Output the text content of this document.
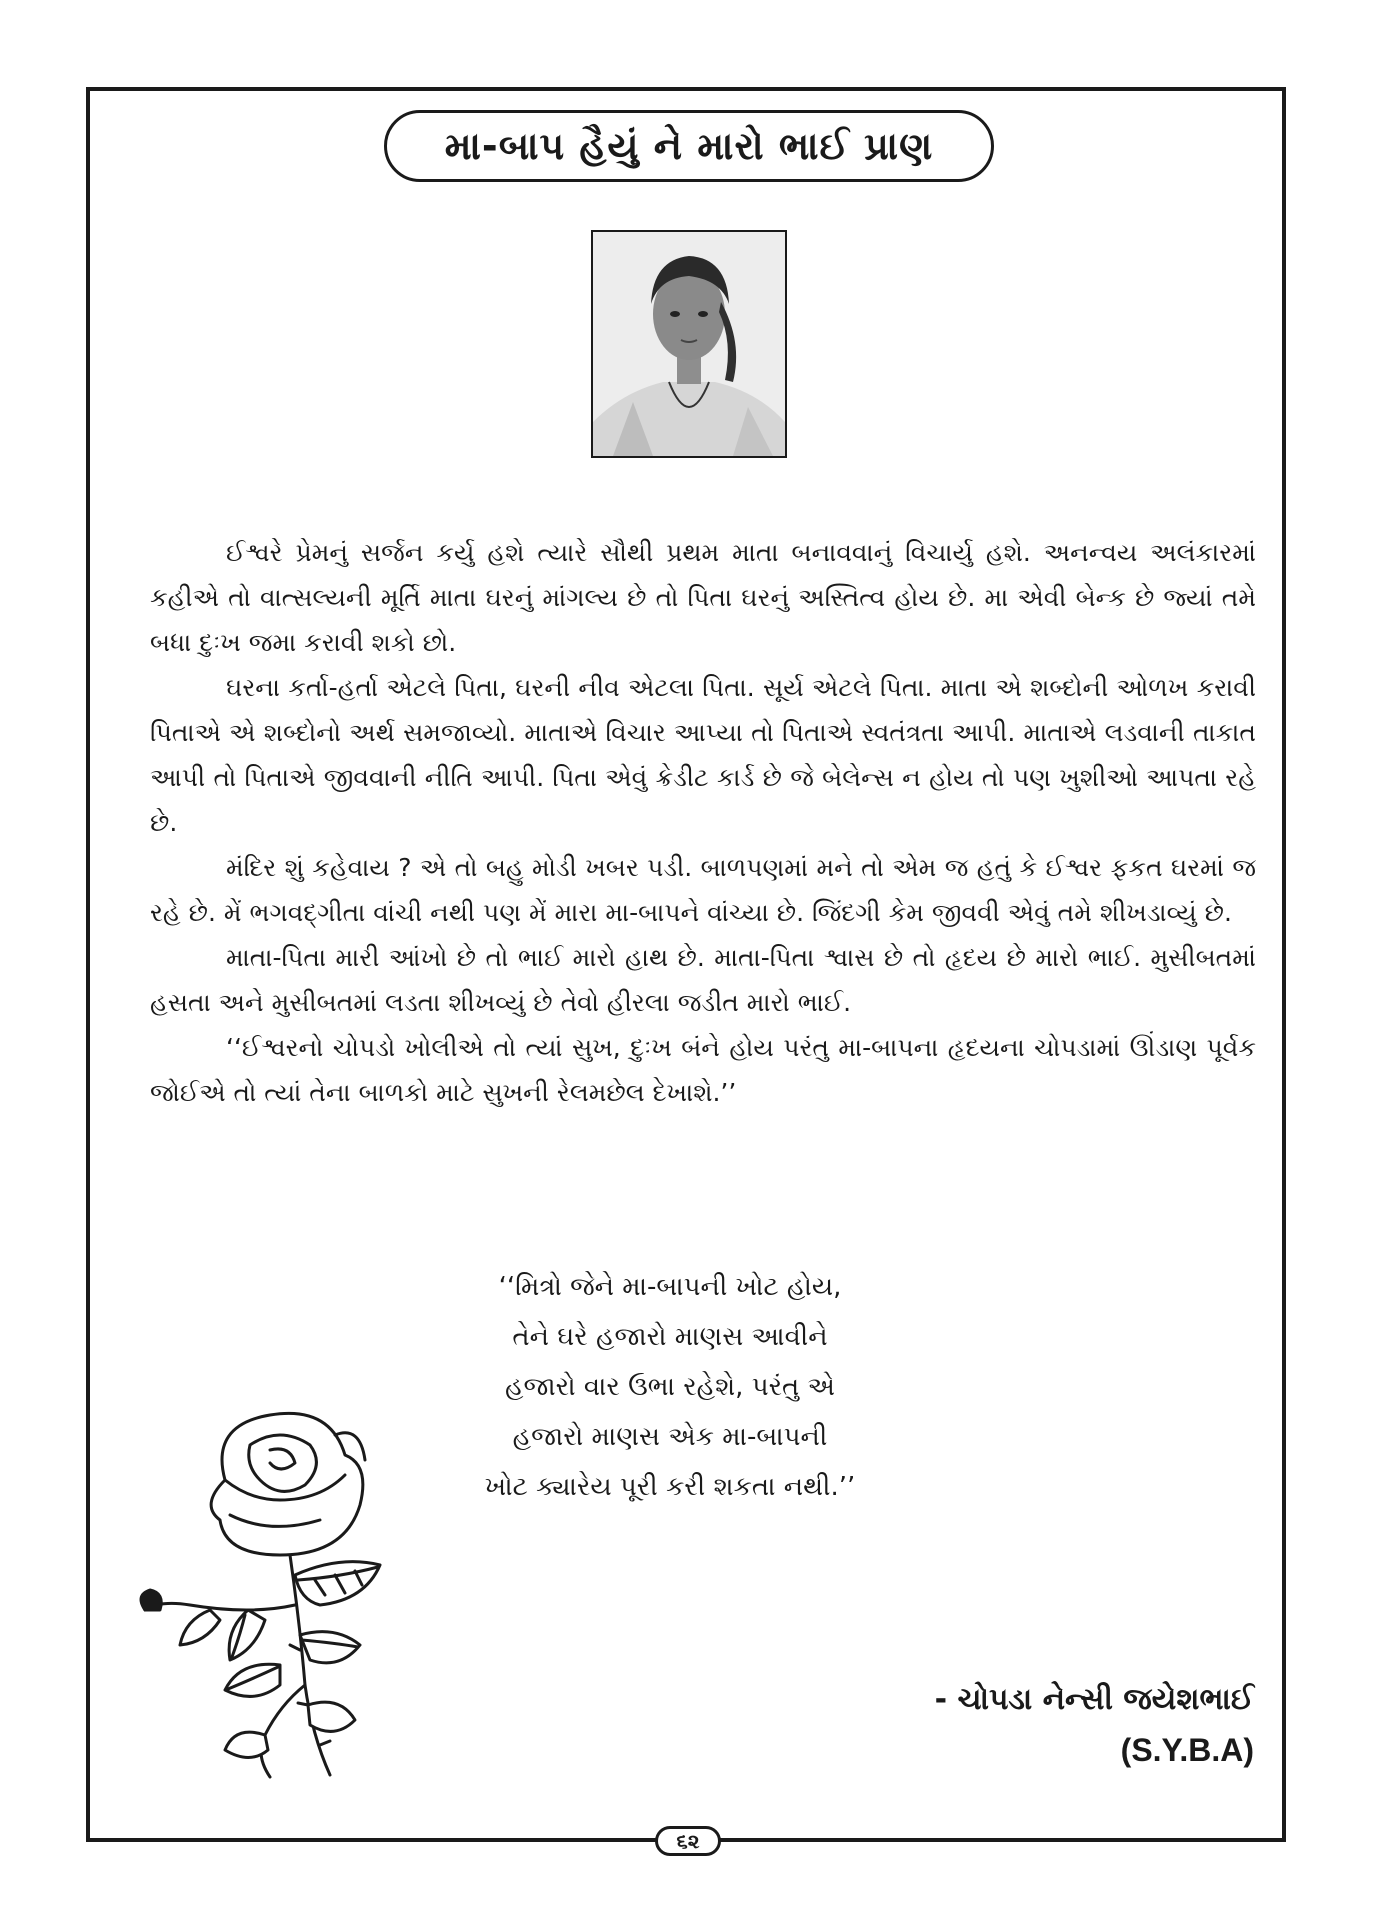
મા-બાપ હૈયું ને મારો ભાઈ પ્રાણ

ઈશ્વરે પ્રેમનું સર્જન કર્યુ હશે ત્યારે સૌથી પ્રથમ માતા બનાવવાનું વિચાર્યુ હશે. અનન્વય અલંકારમાં કહીએ તો વાત્સલ્યની મૂર્તિ માતા ઘરનું માંગલ્ય છે તો પિતા ઘરનું અસ્તિત્વ હોય છે. મા એવી બેન્ક છે જ્યાં તમે બધા દુઃખ જમા કરાવી શકો છો.

ઘરના કર્તા-હર્તા એટલે પિતા, ઘરની નીવ એટલા પિતા. સૂર્ય એટલે પિતા. માતા એ શબ્દોની ઓળખ કરાવી પિતાએ એ શબ્દોનો અર્થ સમજાવ્યો. માતાએ વિચાર આપ્યા તો પિતાએ સ્વતંત્રતા આપી. માતાએ લડવાની તાકાત આપી તો પિતાએ જીવવાની નીતિ આપી. પિતા એવું ક્રેડીટ કાર્ડ છે જે બેલેન્સ ન હોય તો પણ ખુશીઓ આપતા રહે છે.

મંદિર શું કહેવાય ? એ તો બહુ મોડી ખબર પડી. બાળપણમાં મને તો એમ જ હતું કે ઈશ્વર ફકત ઘરમાં જ રહે છે. મેં ભગવદ્ગીતા વાંચી નથી પણ મેં મારા મા-બાપને વાંચ્યા છે. જિંદગી કેમ જીવવી એવું તમે શીખડાવ્યું છે.

માતા-પિતા મારી આંખો છે તો ભાઈ મારો હાથ છે. માતા-પિતા શ્વાસ છે તો હૃદય છે મારો ભાઈ. મુસીબતમાં હસતા અને મુસીબતમાં લડતા શીખવ્યું છે તેવો હીરલા જડીત મારો ભાઈ.

‘‘ઈશ્વરનો ચોપડો ખોલીએ તો ત્યાં સુખ, દુઃખ બંને હોય પરંતુ મા-બાપના હૃદયના ચોપડામાં ઊંડાણ પૂર્વક જોઈએ તો ત્યાં તેના બાળકો માટે સુખની રેલમછેલ દેખાશે.’’

‘‘મિત્રો જેને મા-બાપની ખોટ હોય,
તેને ઘરે હજારો માણસ આવીને
હજારો વાર ઉભા રહેશે, પરંતુ એ
હજારો માણસ એક મા-બાપની
ખોટ ક્યારેય પૂરી કરી શકતા નથી.’’
- ચોપડા નેન્સી જયેશભાઈ
(S.Y.B.A)
૬૨
